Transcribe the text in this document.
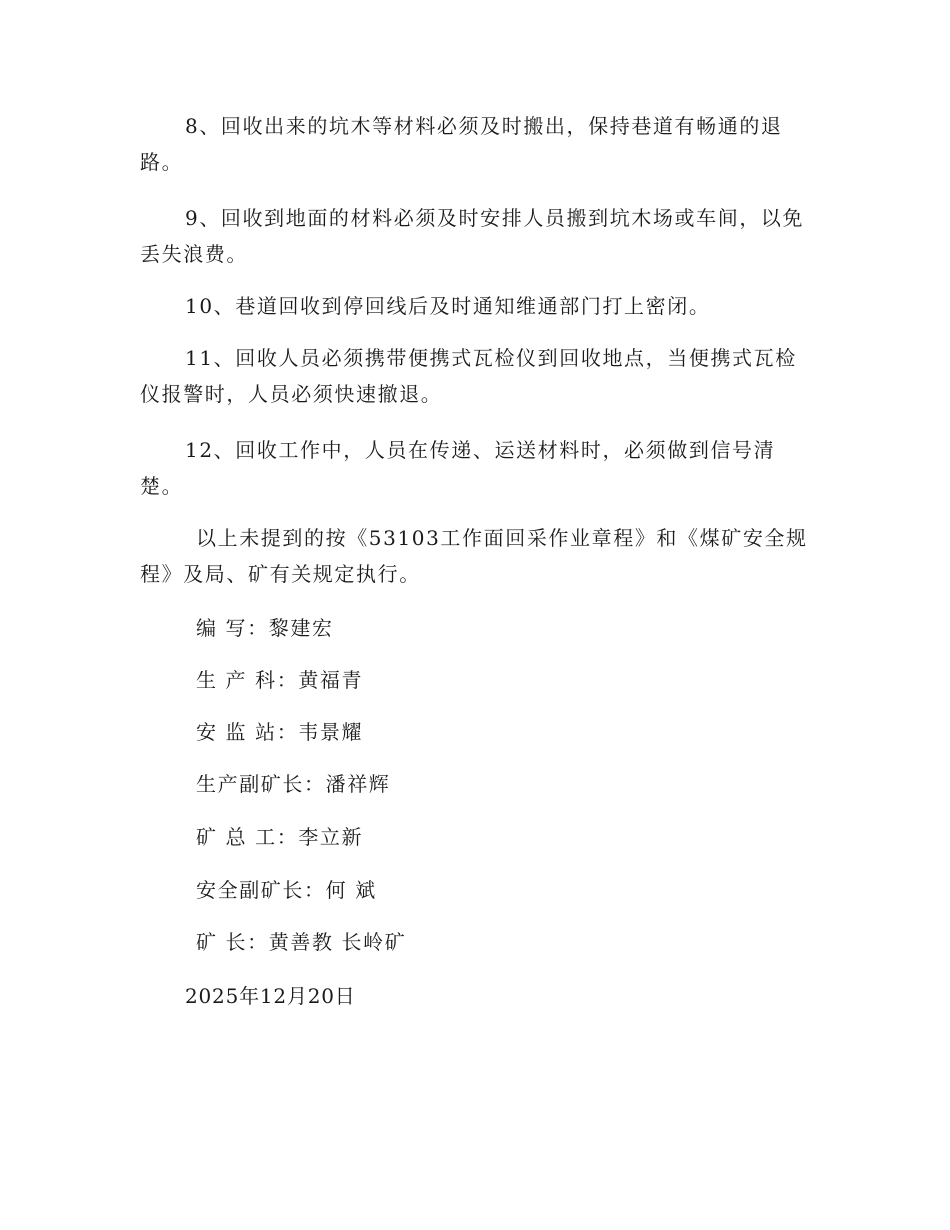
8、回收出来的坑木等材料必须及时搬出，保持巷道有畅通的退
路。
9、回收到地面的材料必须及时安排人员搬到坑木场或车间，以免
丢失浪费。
10、巷道回收到停回线后及时通知维通部门打上密闭。
11、回收人员必须携带便携式瓦检仪到回收地点，当便携式瓦检
仪报警时，人员必须快速撤退。
12、回收工作中，人员在传递、运送材料时，必须做到信号清
楚。
以上未提到的按《53103工作面回采作业章程》和《煤矿安全规
程》及局、矿有关规定执行。

编 写：黎建宏

生 产 科：黄福青

安 监 站：韦景耀

生产副矿长：潘祥辉

矿 总 工：李立新

安全副矿长：何 斌

矿 长：黄善教 长岭矿

2025年12月20日
